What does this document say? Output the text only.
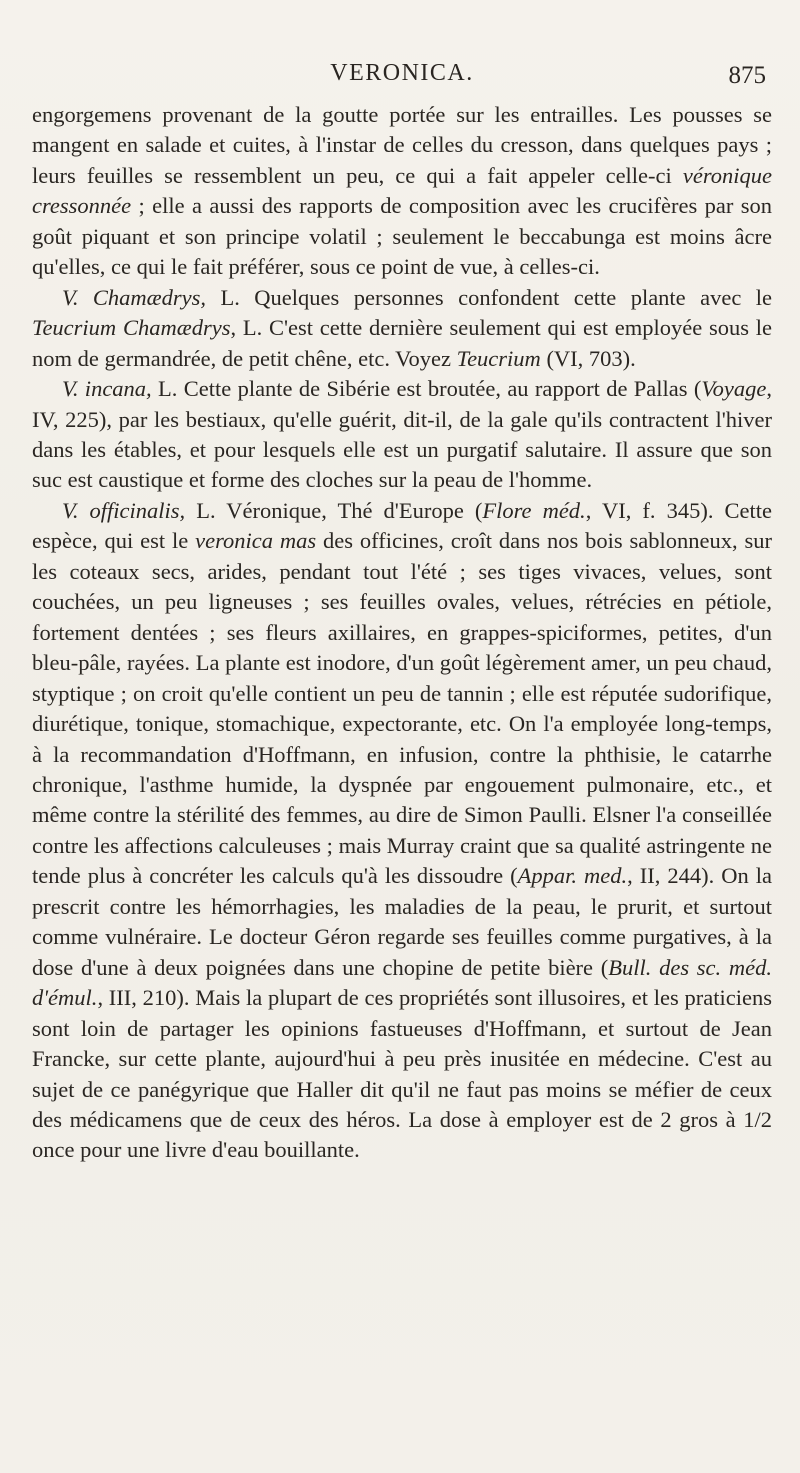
VERONICA.	875

engorgemens provenant de la goutte portée sur les entrailles. Les pousses se mangent en salade et cuites, à l'instar de celles du cresson, dans quelques pays ; leurs feuilles se ressemblent un peu, ce qui a fait appeler celle-ci véronique cressonnée ; elle a aussi des rapports de composition avec les crucifères par son goût piquant et son principe volatil ; seulement le beccabunga est moins âcre qu'elles, ce qui le fait préférer, sous ce point de vue, à celles-ci.

V. Chamædrys, L. Quelques personnes confondent cette plante avec le Teucrium Chamædrys, L. C'est cette dernière seulement qui est employée sous le nom de germandrée, de petit chêne, etc. Voyez Teucrium (VI, 703).

V. incana, L. Cette plante de Sibérie est broutée, au rapport de Pallas (Voyage, IV, 225), par les bestiaux, qu'elle guérit, dit-il, de la gale qu'ils contractent l'hiver dans les étables, et pour lesquels elle est un purgatif salutaire. Il assure que son suc est caustique et forme des cloches sur la peau de l'homme.

V. officinalis, L. Véronique, Thé d'Europe (Flore méd., VI, f. 345). Cette espèce, qui est le veronica mas des officines, croît dans nos bois sablonneux, sur les coteaux secs, arides, pendant tout l'été ; ses tiges vivaces, velues, sont couchées, un peu ligneuses ; ses feuilles ovales, velues, rétrécies en pétiole, fortement dentées ; ses fleurs axillaires, en grappes-spiciformes, petites, d'un bleu-pâle, rayées. La plante est inodore, d'un goût légèrement amer, un peu chaud, styptique ; on croit qu'elle contient un peu de tannin ; elle est réputée sudorifique, diurétique, tonique, stomachique, expectorante, etc. On l'a employée long-temps, à la recommandation d'Hoffmann, en infusion, contre la phthisie, le catarrhe chronique, l'asthme humide, la dyspnée par engouement pulmonaire, etc., et même contre la stérilité des femmes, au dire de Simon Paulli. Elsner l'a conseillée contre les affections calculeuses ; mais Murray craint que sa qualité astringente ne tende plus à concréter les calculs qu'à les dissoudre (Appar. med., II, 244). On la prescrit contre les hémorrhagies, les maladies de la peau, le prurit, et surtout comme vulnéraire. Le docteur Géron regarde ses feuilles comme purgatives, à la dose d'une à deux poignées dans une chopine de petite bière (Bull. des sc. méd. d'émul., III, 210). Mais la plupart de ces propriétés sont illusoires, et les praticiens sont loin de partager les opinions fastueuses d'Hoffmann, et surtout de Jean Francke, sur cette plante, aujourd'hui à peu près inusitée en médecine. C'est au sujet de ce panégyrique que Haller dit qu'il ne faut pas moins se méfier de ceux des médicamens que de ceux des héros. La dose à employer est de 2 gros à 1/2 once pour une livre d'eau bouillante.
